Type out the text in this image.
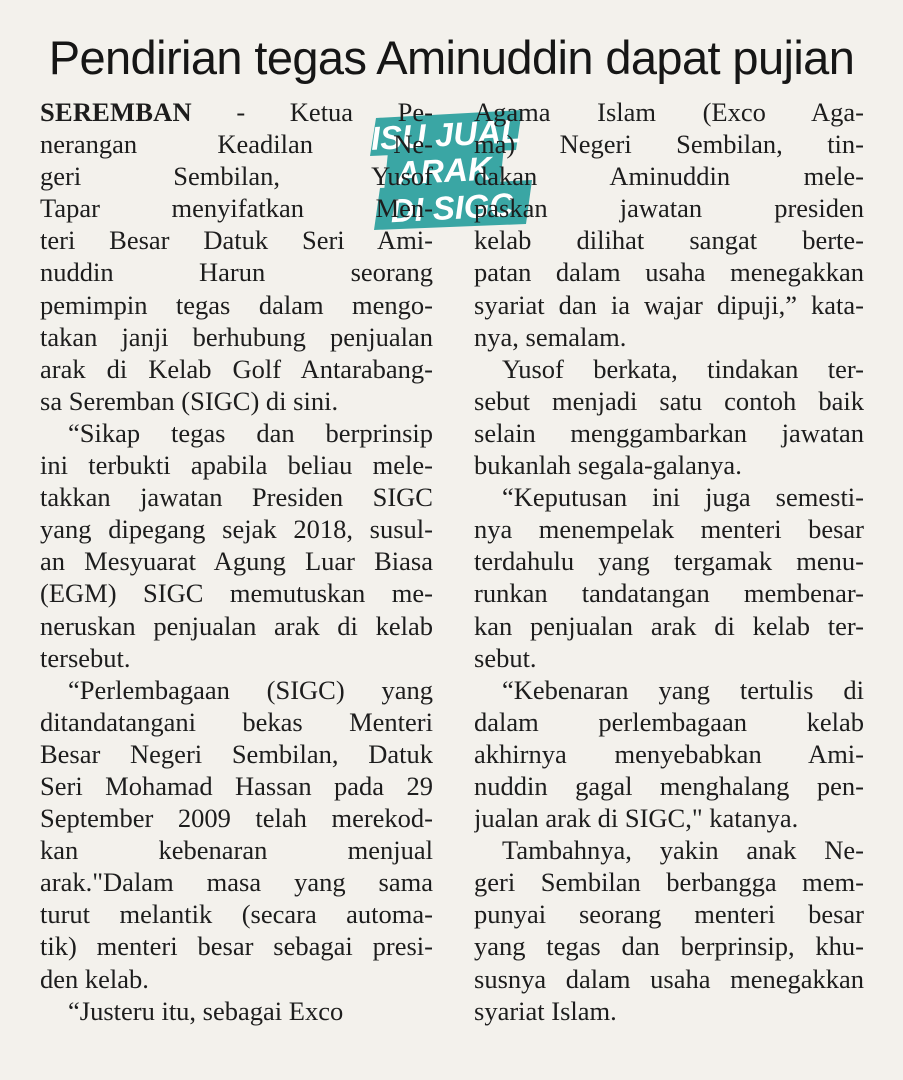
Pendirian tegas Aminuddin dapat pujian
ISU JUAL
ARAK
DI SIGC
SEREMBAN - Ketua Pe-
nerangan Keadilan Ne-
geri Sembilan, Yusof
Tapar menyifatkan Men-
teri Besar Datuk Seri Ami-
nuddin Harun seorang
pemimpin tegas dalam mengo-
takan janji berhubung penjualan
arak di Kelab Golf Antarabang-
sa Seremban (SIGC) di sini.
“Sikap tegas dan berprinsip
ini terbukti apabila beliau mele-
takkan jawatan Presiden SIGC
yang dipegang sejak 2018, susul-
an Mesyuarat Agung Luar Biasa
(EGM) SIGC memutuskan me-
neruskan penjualan arak di kelab
tersebut.
“Perlembagaan (SIGC) yang
ditandatangani bekas Menteri
Besar Negeri Sembilan, Datuk
Seri Mohamad Hassan pada 29
September 2009 telah merekod-
kan kebenaran menjual
arak."Dalam masa yang sama
turut melantik (secara automa-
tik) menteri besar sebagai presi-
den kelab.
“Justeru itu, sebagai Exco
Agama Islam (Exco Aga-
ma) Negeri Sembilan, tin-
dakan Aminuddin mele-
paskan jawatan presiden
kelab dilihat sangat berte-
patan dalam usaha menegakkan
syariat dan ia wajar dipuji,” kata-
nya, semalam.
Yusof berkata, tindakan ter-
sebut menjadi satu contoh baik
selain menggambarkan jawatan
bukanlah segala-galanya.
“Keputusan ini juga semesti-
nya menempelak menteri besar
terdahulu yang tergamak menu-
runkan tandatangan membenar-
kan penjualan arak di kelab ter-
sebut.
“Kebenaran yang tertulis di
dalam perlembagaan kelab
akhirnya menyebabkan Ami-
nuddin gagal menghalang pen-
jualan arak di SIGC," katanya.
Tambahnya, yakin anak Ne-
geri Sembilan berbangga mem-
punyai seorang menteri besar
yang tegas dan berprinsip, khu-
susnya dalam usaha menegakkan
syariat Islam.
